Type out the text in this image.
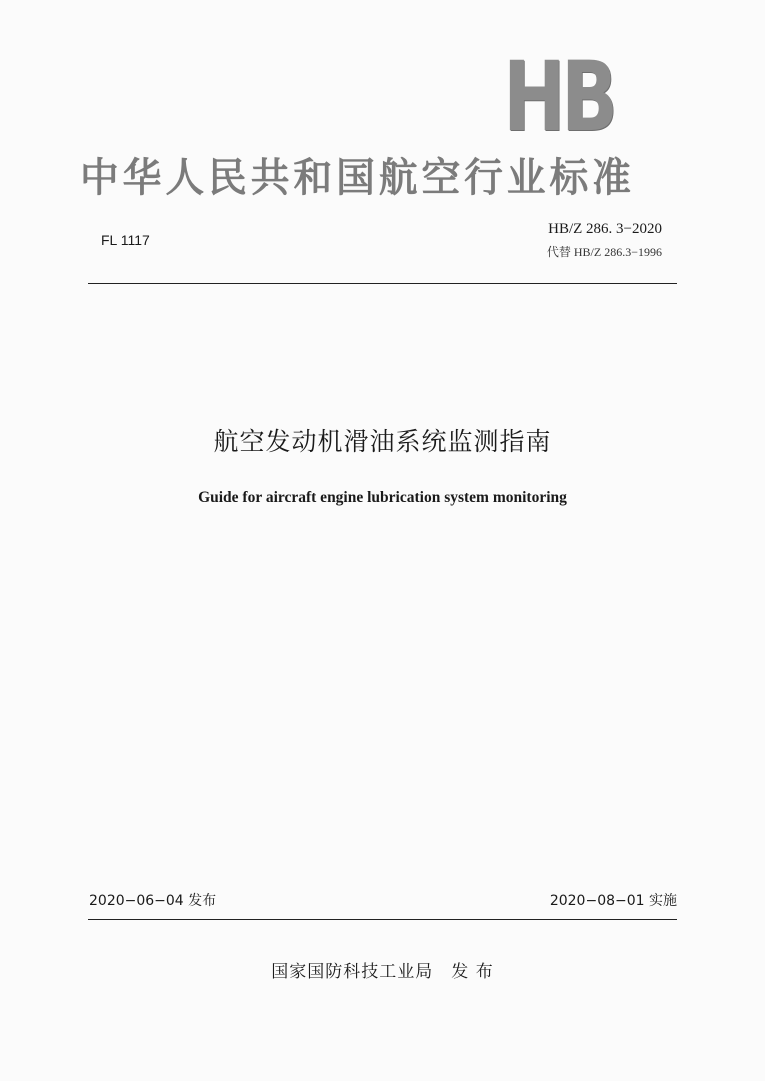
HB
中华人民共和国航空行业标准
FL 1117
HB/Z 286. 3−2020
代替 HB/Z 286.3−1996
航空发动机滑油系统监测指南
Guide for aircraft engine lubrication system monitoring
2020−06−04 发布	2020−08−01 实施
国家国防科技工业局　发 布
